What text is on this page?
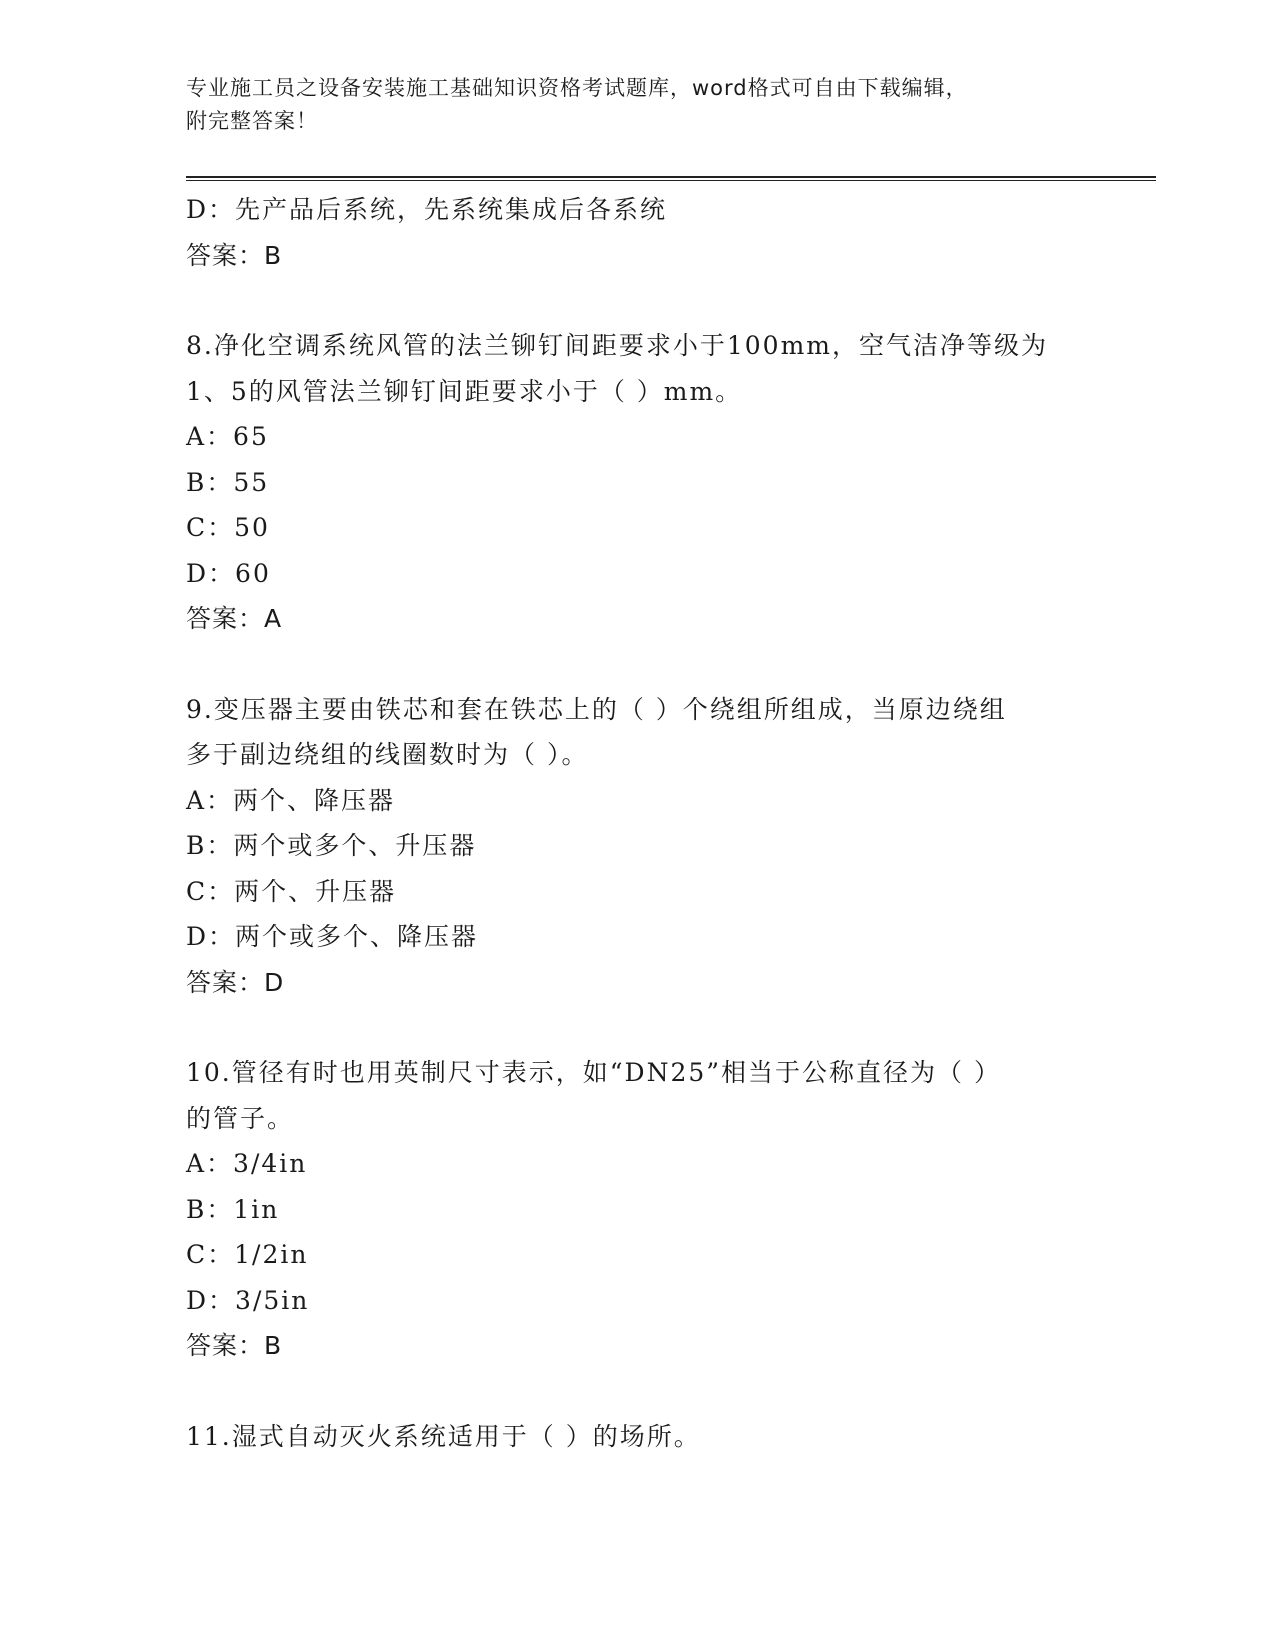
专业施工员之设备安装施工基础知识资格考试题库，word格式可自由下载编辑，
附完整答案！
D：先产品后系统，先系统集成后各系统
答案：B
8.净化空调系统风管的法兰铆钉间距要求小于100mm，空气洁净等级为
1、5的风管法兰铆钉间距要求小于（ ）mm。
A：65
B：55
C：50
D：60
答案：A
9.变压器主要由铁芯和套在铁芯上的（ ）个绕组所组成，当原边绕组
多于副边绕组的线圈数时为（ ）。
A：两个、降压器
B：两个或多个、升压器
C：两个、升压器
D：两个或多个、降压器
答案：D
10.管径有时也用英制尺寸表示，如“DN25”相当于公称直径为（ ）
的管子。
A：3/4in
B：1in
C：1/2in
D：3/5in
答案：B
11.湿式自动灭火系统适用于（ ）的场所。
